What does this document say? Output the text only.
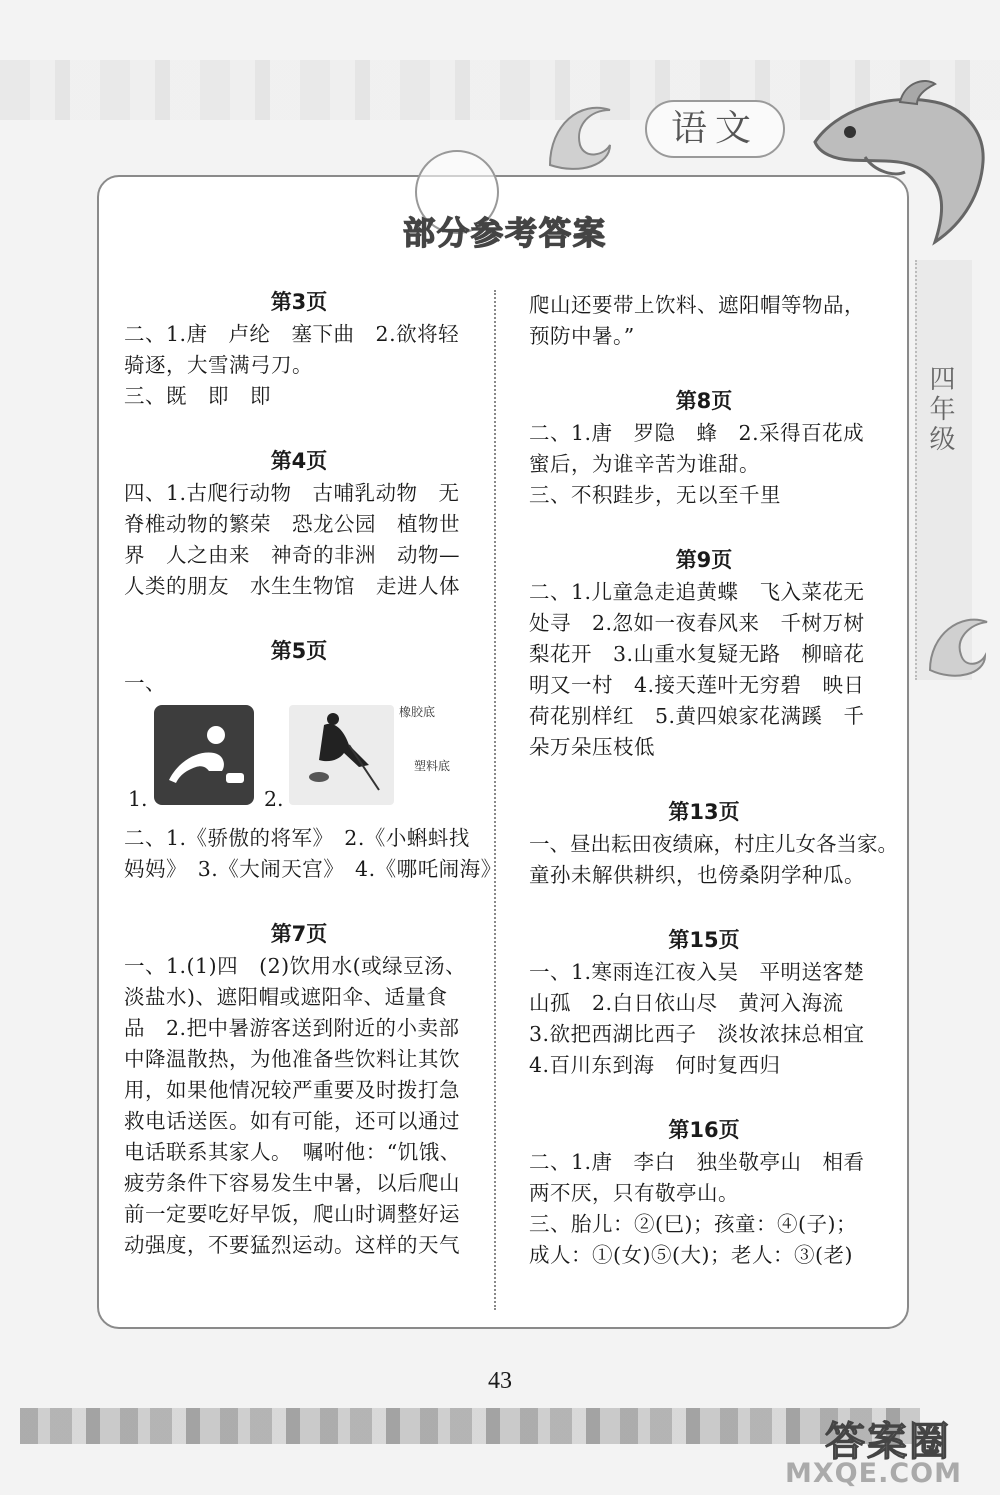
语文
四
年
级
部分参考答案
第3页
二、1.唐　卢纶　塞下曲　2.欲将轻
骑逐，大雪满弓刀。
三、既　即　即
第4页
四、1.古爬行动物　古哺乳动物　无
脊椎动物的繁荣　恐龙公园　植物世
界　人之由来　神奇的非洲　动物—
人类的朋友　水生生物馆　走进人体
第5页
一、
橡胶底
塑料底
1.	2.
二、1.《骄傲的将军》　2.《小蝌蚪找
妈妈》　3.《大闹天宫》　4.《哪吒闹海》
第7页
一、1.(1)四　(2)饮用水(或绿豆汤、
淡盐水)、遮阳帽或遮阳伞、适量食
品　2.把中暑游客送到附近的小卖部
中降温散热，为他准备些饮料让其饮
用，如果他情况较严重要及时拨打急
救电话送医。如有可能，还可以通过
电话联系其家人。　嘱咐他：“饥饿、
疲劳条件下容易发生中暑，以后爬山
前一定要吃好早饭，爬山时调整好运
动强度，不要猛烈运动。这样的天气
爬山还要带上饮料、遮阳帽等物品，
预防中暑。”
第8页
二、1.唐　罗隐　蜂　2.采得百花成
蜜后，为谁辛苦为谁甜。
三、不积跬步，无以至千里
第9页
二、1.儿童急走追黄蝶　飞入菜花无
处寻　2.忽如一夜春风来　千树万树
梨花开　3.山重水复疑无路　柳暗花
明又一村　4.接天莲叶无穷碧　映日
荷花别样红　5.黄四娘家花满蹊　千
朵万朵压枝低
第13页
一、昼出耘田夜绩麻，村庄儿女各当家。
童孙未解供耕织，也傍桑阴学种瓜。
第15页
一、1.寒雨连江夜入吴　平明送客楚
山孤　2.白日依山尽　黄河入海流
3.欲把西湖比西子　淡妆浓抹总相宜
4.百川东到海　何时复西归
第16页
二、1.唐　李白　独坐敬亭山　相看
两不厌，只有敬亭山。
三、胎儿：②(巳)；孩童：④(子)；
成人：①(女)⑤(大)；老人：③(老)
43
答案圈
MXQE.COM
